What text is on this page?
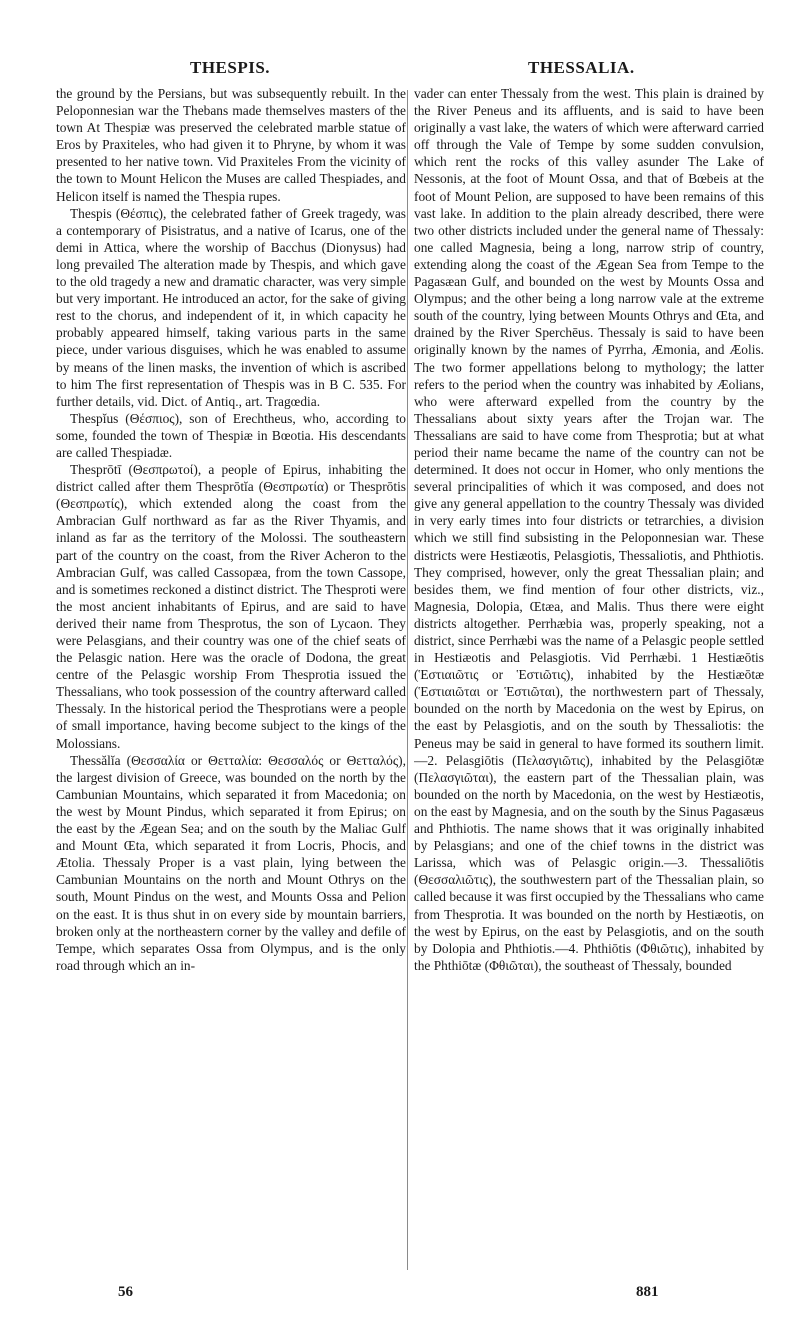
THESPIS.	THESSALIA.

the ground by the Persians, but was subsequently rebuilt. In the Peloponnesian war the Thebans made themselves masters of the town At Thespiæ was preserved the celebrated marble statue of Eros by Praxiteles, who had given it to Phryne, by whom it was presented to her native town. Vid Praxiteles From the vicinity of the town to Mount Helicon the Muses are called Thespiades, and Helicon itself is named the Thespia rupes.

Thespis (Θέσπις), the celebrated father of Greek tragedy, was a contemporary of Pisistratus, and a native of Icarus, one of the demi in Attica, where the worship of Bacchus (Dionysus) had long prevailed The alteration made by Thespis, and which gave to the old tragedy a new and dramatic character, was very simple but very important. He introduced an actor, for the sake of giving rest to the chorus, and independent of it, in which capacity he probably appeared himself, taking various parts in the same piece, under various disguises, which he was enabled to assume by means of the linen masks, the invention of which is ascribed to him The first representation of Thespis was in B C. 535. For further details, vid. Dict. of Antiq., art. Tragœdia.

Thespĭus (Θέσπιος), son of Erechtheus, who, according to some, founded the town of Thespiæ in Bœotia. His descendants are called Thespiadæ.

Thesprōtī (Θεσπρωτοί), a people of Epirus, inhabiting the district called after them Thesprōtĭa (Θεσπρωτία) or Thesprōtis (Θεσπρωτίς), which extended along the coast from the Ambracian Gulf northward as far as the River Thyamis, and inland as far as the territory of the Molossi. The southeastern part of the country on the coast, from the River Acheron to the Ambracian Gulf, was called Cassopæa, from the town Cassope, and is sometimes reckoned a distinct district. The Thesproti were the most ancient inhabitants of Epirus, and are said to have derived their name from Thesprotus, the son of Lycaon. They were Pelasgians, and their country was one of the chief seats of the Pelasgic nation. Here was the oracle of Dodona, the great centre of the Pelasgic worship From Thesprotia issued the Thessalians, who took possession of the country afterward called Thessaly. In the historical period the Thesprotians were a people of small importance, having become subject to the kings of the Molossians.

Thessălĭa (Θεσσαλία or Θετταλία: Θεσσαλός or Θετταλός), the largest division of Greece, was bounded on the north by the Cambunian Mountains, which separated it from Macedonia; on the west by Mount Pindus, which separated it from Epirus; on the east by the Ægean Sea; and on the south by the Maliac Gulf and Mount Œta, which separated it from Locris, Phocis, and Ætolia. Thessaly Proper is a vast plain, lying between the Cambunian Mountains on the north and Mount Othrys on the south, Mount Pindus on the west, and Mounts Ossa and Pelion on the east. It is thus shut in on every side by mountain barriers, broken only at the northeastern corner by the valley and defile of Tempe, which separates Ossa from Olympus, and is the only road through which an in-

vader can enter Thessaly from the west. This plain is drained by the River Peneus and its affluents, and is said to have been originally a vast lake, the waters of which were afterward carried off through the Vale of Tempe by some sudden convulsion, which rent the rocks of this valley asunder The Lake of Nessonis, at the foot of Mount Ossa, and that of Bœbeis at the foot of Mount Pelion, are supposed to have been remains of this vast lake. In addition to the plain already described, there were two other districts included under the general name of Thessaly: one called Magnesia, being a long, narrow strip of country, extending along the coast of the Ægean Sea from Tempe to the Pagasæan Gulf, and bounded on the west by Mounts Ossa and Olympus; and the other being a long narrow vale at the extreme south of the country, lying between Mounts Othrys and Œta, and drained by the River Sperchēus. Thessaly is said to have been originally known by the names of Pyrrha, Æmonia, and Æolis. The two former appellations belong to mythology; the latter refers to the period when the country was inhabited by Æolians, who were afterward expelled from the country by the Thessalians about sixty years after the Trojan war. The Thessalians are said to have come from Thesprotia; but at what period their name became the name of the country can not be determined. It does not occur in Homer, who only mentions the several principalities of which it was composed, and does not give any general appellation to the country Thessaly was divided in very early times into four districts or tetrarchies, a division which we still find subsisting in the Peloponnesian war. These districts were Hestiæotis, Pelasgiotis, Thessaliotis, and Phthiotis. They comprised, however, only the great Thessalian plain; and besides them, we find mention of four other districts, viz., Magnesia, Dolopia, Œtæa, and Malis. Thus there were eight districts altogether. Perrhæbia was, properly speaking, not a district, since Perrhæbi was the name of a Pelasgic people settled in Hestiæotis and Pelasgiotis. Vid Perrhæbi. 1 Hestiæōtis (Ἑστιαιῶτις or Ἑστιῶτις), inhabited by the Hestiæōtæ (Ἑστιαιῶται or Ἑστιῶται), the northwestern part of Thessaly, bounded on the north by Macedonia on the west by Epirus, on the east by Pelasgiotis, and on the south by Thessaliotis: the Peneus may be said in general to have formed its southern limit.—2. Pelasgiōtis (Πελασγιῶτις), inhabited by the Pelasgiōtæ (Πελασγιῶται), the eastern part of the Thessalian plain, was bounded on the north by Macedonia, on the west by Hestiæotis, on the east by Magnesia, and on the south by the Sinus Pagasæus and Phthiotis. The name shows that it was originally inhabited by Pelasgians; and one of the chief towns in the district was Larissa, which was of Pelasgic origin.—3. Thessaliōtis (Θεσσαλιῶτις), the southwestern part of the Thessalian plain, so called because it was first occupied by the Thessalians who came from Thesprotia. It was bounded on the north by Hestiæotis, on the west by Epirus, on the east by Pelasgiotis, and on the south by Dolopia and Phthiotis.—4. Phthiōtis (Φθιῶτις), inhabited by the Phthiōtæ (Φθιῶται), the southeast of Thessaly, bounded

56	881
